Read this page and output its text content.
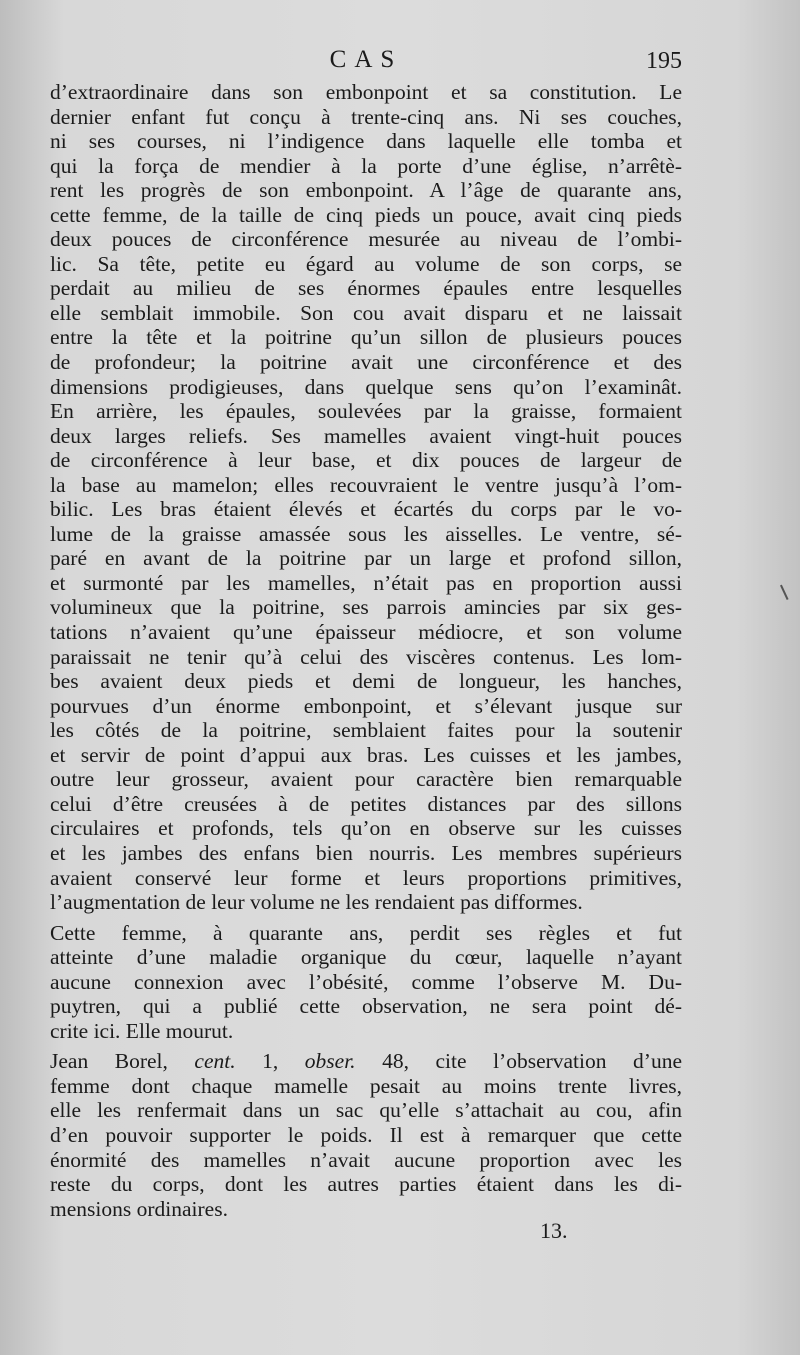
CAS	195
d’extraordinaire dans son embonpoint et sa constitution. Le
dernier enfant fut conçu à trente-cinq ans. Ni ses couches,
ni ses courses, ni l’indigence dans laquelle elle tomba et
qui la força de mendier à la porte d’une église, n’arrêtè-
rent les progrès de son embonpoint. A l’âge de quarante ans,
cette femme, de la taille de cinq pieds un pouce, avait cinq pieds
deux pouces de circonférence mesurée au niveau de l’ombi-
lic. Sa tête, petite eu égard au volume de son corps, se
perdait au milieu de ses énormes épaules entre lesquelles
elle semblait immobile. Son cou avait disparu et ne laissait
entre la tête et la poitrine qu’un sillon de plusieurs pouces
de profondeur; la poitrine avait une circonférence et des
dimensions prodigieuses, dans quelque sens qu’on l’examinât.
En arrière, les épaules, soulevées par la graisse, formaient
deux larges reliefs. Ses mamelles avaient vingt-huit pouces
de circonférence à leur base, et dix pouces de largeur de
la base au mamelon; elles recouvraient le ventre jusqu’à l’om-
bilic. Les bras étaient élevés et écartés du corps par le vo-
lume de la graisse amassée sous les aisselles. Le ventre, sé-
paré en avant de la poitrine par un large et profond sillon,
et surmonté par les mamelles, n’était pas en proportion aussi
volumineux que la poitrine, ses parrois amincies par six ges-
tations n’avaient qu’une épaisseur médiocre, et son volume
paraissait ne tenir qu’à celui des viscères contenus. Les lom-
bes avaient deux pieds et demi de longueur, les hanches,
pourvues d’un énorme embonpoint, et s’élevant jusque sur
les côtés de la poitrine, semblaient faites pour la soutenir
et servir de point d’appui aux bras. Les cuisses et les jambes,
outre leur grosseur, avaient pour caractère bien remarquable
celui d’être creusées à de petites distances par des sillons
circulaires et profonds, tels qu’on en observe sur les cuisses
et les jambes des enfans bien nourris. Les membres supérieurs
avaient conservé leur forme et leurs proportions primitives,
l’augmentation de leur volume ne les rendaient pas difformes.
Cette femme, à quarante ans, perdit ses règles et fut
atteinte d’une maladie organique du cœur, laquelle n’ayant
aucune connexion avec l’obésité, comme l’observe M. Du-
puytren, qui a publié cette observation, ne sera point dé-
crite ici. Elle mourut.
Jean Borel, cent. 1, obser. 48, cite l’observation d’une
femme dont chaque mamelle pesait au moins trente livres,
elle les renfermait dans un sac qu’elle s’attachait au cou, afin
d’en pouvoir supporter le poids. Il est à remarquer que cette
énormité des mamelles n’avait aucune proportion avec les
reste du corps, dont les autres parties étaient dans les di-
mensions ordinaires.
13.
